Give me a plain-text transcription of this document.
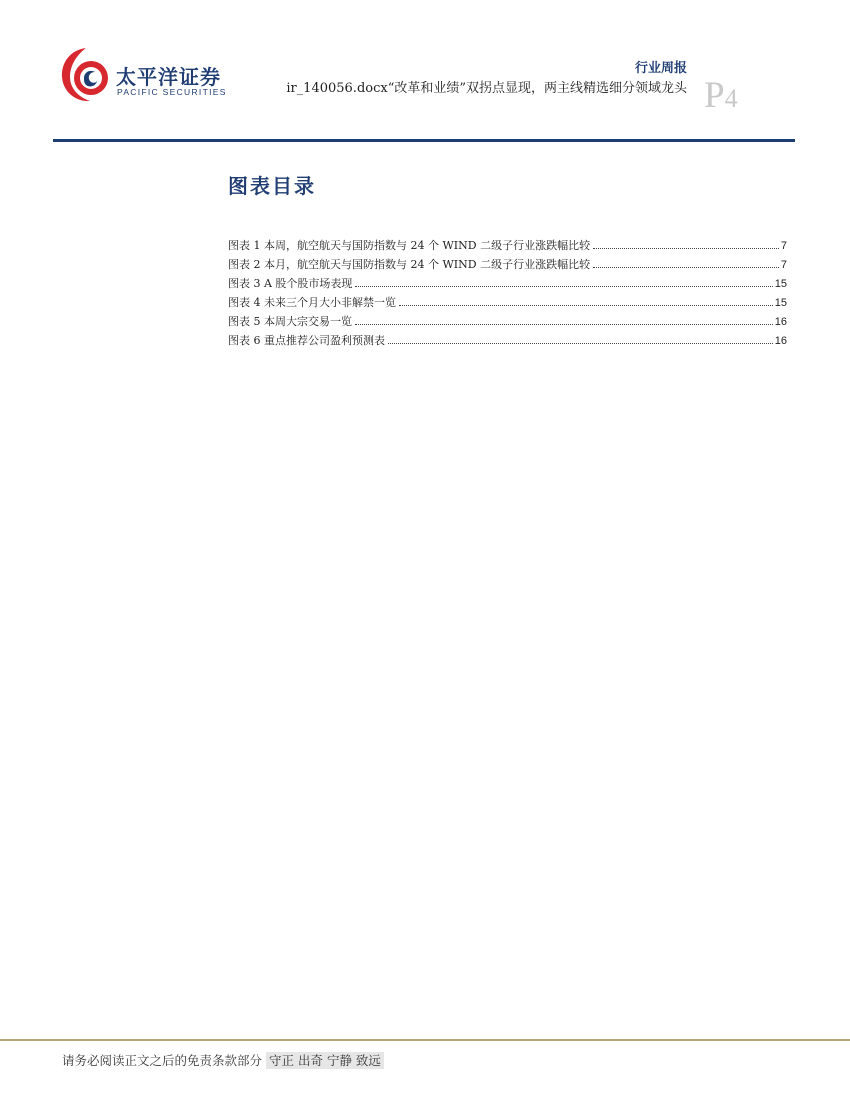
太平洋证券
PACIFIC SECURITIES
行业周报
ir_140056.docx“改革和业绩”双拐点显现，两主线精选细分领域龙头 P4
图表目录
图表 1 本周，航空航天与国防指数与 24 个 WIND 二级子行业涨跌幅比较	7
图表 2 本月，航空航天与国防指数与 24 个 WIND 二级子行业涨跌幅比较	7
图表 3 A 股个股市场表现	15
图表 4 未来三个月大小非解禁一览	15
图表 5 本周大宗交易一览	16
图表 6 重点推荐公司盈利预测表	16
请务必阅读正文之后的免责条款部分 守正 出奇 宁静 致远
